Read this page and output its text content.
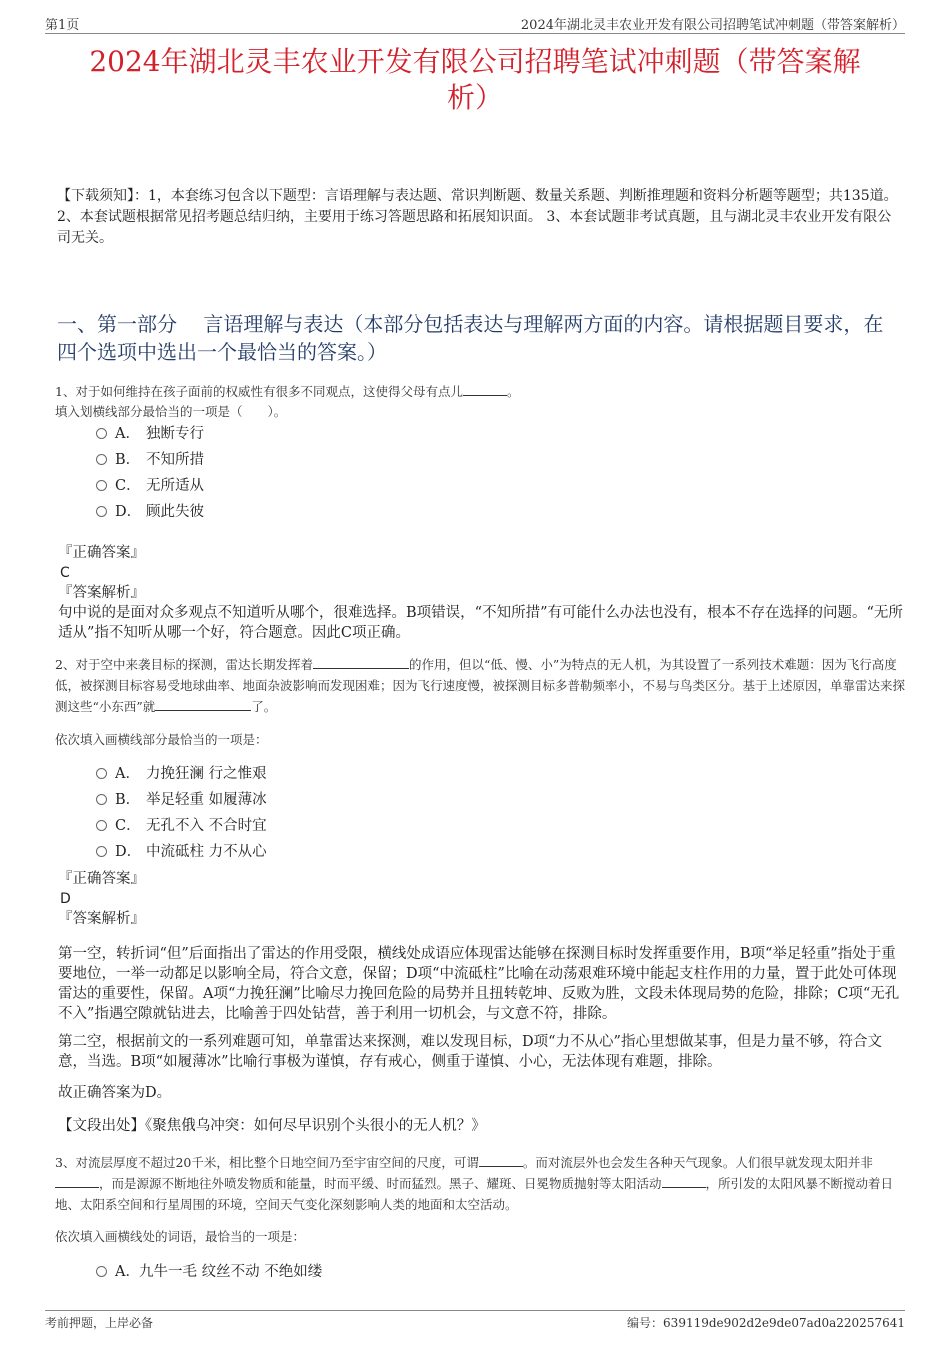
第1页	2024年湖北灵丰农业开发有限公司招聘笔试冲刺题（带答案解析）
2024年湖北灵丰农业开发有限公司招聘笔试冲刺题（带答案解
析）
【下载须知】：1，本套练习包含以下题型：言语理解与表达题、常识判断题、数量关系题、判断推理题和资料分析题等题型；共135道。 2、本套试题根据常见招考题总结归纳，主要用于练习答题思路和拓展知识面。 3、本套试题非考试真题，且与湖北灵丰农业开发有限公司无关。
一、第一部分　 言语理解与表达（本部分包括表达与理解两方面的内容。请根据题目要求，在四个选项中选出一个最恰当的答案。）
1、对于如何维持在孩子面前的权威性有很多不同观点，这使得父母有点儿	。
填入划横线部分最恰当的一项是（　　）。
A． 独断专行
B． 不知所措
C． 无所适从
D． 顾此失彼
『正确答案』
C
『答案解析』
句中说的是面对众多观点不知道听从哪个，很难选择。B项错误，“不知所措”有可能什么办法也没有，根本不存在选择的问题。“无所适从”指不知听从哪一个好，符合题意。因此C项正确。
2、对于空中来袭目标的探测，雷达长期发挥着	的作用，但以“低、慢、小”为特点的无人机，为其设置了一系列技术难题：因为飞行高度低，被探测目标容易受地球曲率、地面杂波影响而发现困难；因为飞行速度慢，被探测目标多普勒频率小，不易与鸟类区分。基于上述原因，单靠雷达来探测这些“小东西”就	了。
依次填入画横线部分最恰当的一项是：
A． 力挽狂澜 行之惟艰
B． 举足轻重 如履薄冰
C． 无孔不入 不合时宜
D． 中流砥柱 力不从心
『正确答案』
D
『答案解析』
第一空，转折词“但”后面指出了雷达的作用受限，横线处成语应体现雷达能够在探测目标时发挥重要作用，B项“举足轻重”指处于重要地位，一举一动都足以影响全局，符合文意，保留；D项“中流砥柱”比喻在动荡艰难环境中能起支柱作用的力量，置于此处可体现雷达的重要性，保留。A项“力挽狂澜”比喻尽力挽回危险的局势并且扭转乾坤、反败为胜，文段未体现局势的危险，排除；C项“无孔不入”指遇空隙就钻进去，比喻善于四处钻营，善于利用一切机会，与文意不符，排除。
第二空，根据前文的一系列难题可知，单靠雷达来探测，难以发现目标，D项“力不从心”指心里想做某事，但是力量不够，符合文意，当选。B项“如履薄冰”比喻行事极为谨慎，存有戒心，侧重于谨慎、小心，无法体现有难题，排除。
故正确答案为D。
【文段出处】《聚焦俄乌冲突：如何尽早识别个头很小的无人机？》
3、对流层厚度不超过20千米，相比整个日地空间乃至宇宙空间的尺度，可谓	。而对流层外也会发生各种天气现象。人们很早就发现太阳并非，而是源源不断地往外喷发物质和能量，时而平缓、时而猛烈。黑子、耀斑、日冕物质抛射等太阳活动	，所引发的太阳风暴不断搅动着日地、太阳系空间和行星周围的环境，空间天气变化深刻影响人类的地面和太空活动。
依次填入画横线处的词语，最恰当的一项是：
A．九牛一毛 纹丝不动 不绝如缕
考前押题，上岸必备	编号：639119de902d2e9de07ad0a220257641
